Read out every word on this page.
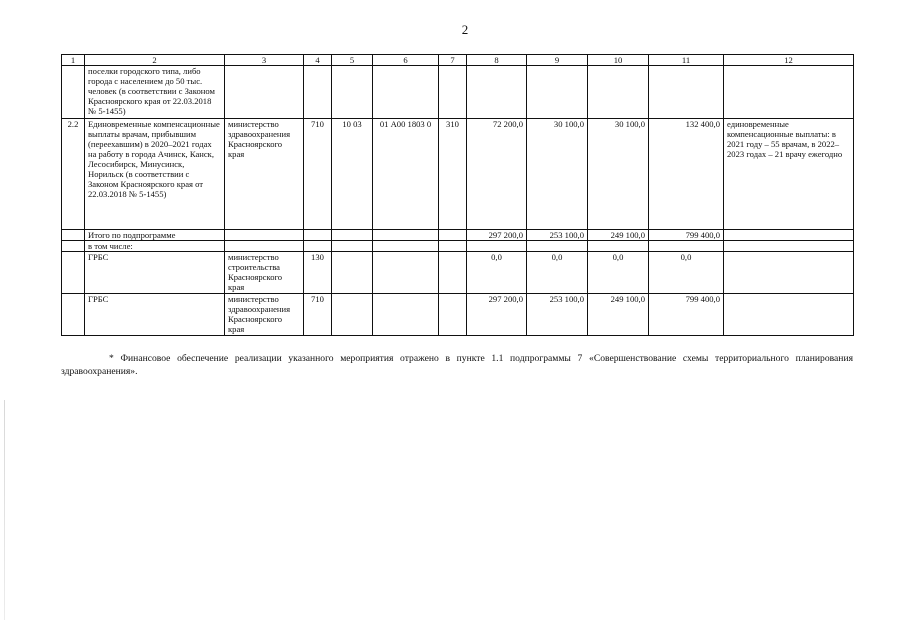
2
1	2	3	4	5	6	7	8	9	10	11	12
	поселки городского типа, либо города с населением до 50 тыс. человек (в соответствии с Законом Красноярского края от 22.03.2018 № 5-1455)										
2.2	Единовременные компенсационные выплаты врачам, прибывшим (переехавшим) в 2020–2021 годах на работу в города Ачинск, Канск, Лесосибирск, Минусинск, Норильск (в соответствии с Законом Красноярского края от 22.03.2018 № 5-1455)	министерство здравоохранения Красноярского края	710	10 03	01 А00 1803 0	310	72 200,0	30 100,0	30 100,0	132 400,0	единовременные компенсационные выплаты: в 2021 году – 55 врачам, в 2022–2023 годах – 21 врачу ежегодно
	Итого по подпрограмме						297 200,0	253 100,0	249 100,0	799 400,0	
	в том числе:										
	ГРБС	министерство строительства Красноярского края	130				0,0	0,0	0,0	0,0	
	ГРБС	министерство здравоохранения Красноярского края	710				297 200,0	253 100,0	249 100,0	799 400,0	
* Финансовое обеспечение реализации указанного мероприятия отражено в пункте 1.1 подпрограммы 7 «Совершенствование схемы территориального планирования здравоохранения».
